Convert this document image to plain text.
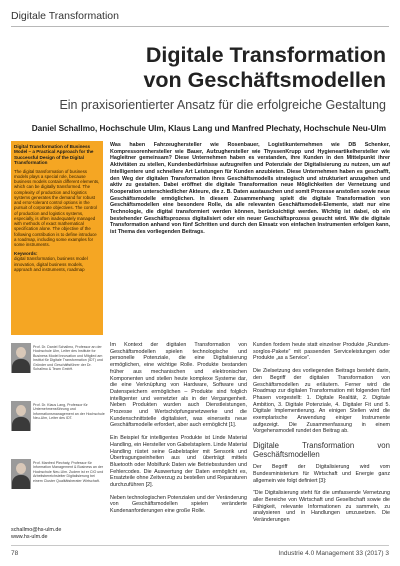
Digitale Transformation
Digitale Transformation
von Geschäftsmodellen
Ein praxisorientierter Ansatz für die erfolgreiche Gestaltung
Daniel Schallmo, Hochschule Ulm, Klaus Lang und Manfred Plechaty, Hochschule Neu-Ulm
Digital Transformation of Business Model – a Practical Approach for the Successful Design of the Digital Transformation
The digital transformation of business models plays a special role, because business models contain different elements, which can be digitally transformed. The complexity of production and logistics systems generates the demand for robust and error-tolerant control options in the pursuit of corporate objectives. The control of production and logistics systems, especially, is often inadequately managed with methods of exact mathematical specification alone. The objective of the following contribution is to define introduce a roadmap, including some examples for some instruments.
Keywords:
digital transformation, business model innovation, digital business models, approach and instruments, roadmap
Was haben Fahrzeughersteller wie Rosenbauer, Logistikunternehmen wie DB Schenker, Kompressorenhersteller wie Bauer, Aufzughersteller wie ThyssenKrupp und Hygieneartikelhersteller wie Hagleitner gemeinsam? Diese Unternehmen haben es verstanden, ihre Kunden in den Mittelpunkt ihrer Aktivitäten zu stellen, Kundenbedürfnisse aufzugreifen und Potenziale der Digitalisierung zu nutzen, um auf Intelligentere und schnellere Art Leistungen für Kunden anzubieten. Diese Unternehmen haben es geschafft, den Weg der digitalen Transformation ihres Geschäftsmodells strategisch und strukturiert anzugehen und aktiv zu gestalten. Dabei eröffnet die digitale Transformation neue Möglichkeiten der Vernetzung und Kooperation unterschiedlicher Akteure, die z. B. Daten austauschen und somit Prozesse anstoßen sowie neue Geschäftsmodelle ermöglichen. In diesem Zusammenhang spielt die digitale Transformation von Geschäftsmodellen eine besondere Rolle, da alle relevanten Geschäftsmodell-Elemente, statt nur eine Technologie, die digital transformiert werden können, berücksichtigt werden. Wichtig ist dabei, ob ein bestehender Geschäftsprozess digitalisiert oder ein neuer Geschäftsprozess gesucht wird. Wie die digitale Transformation anhand von fünf Schritten und durch den Einsatz von einfachen Instrumenten erfolgen kann, ist Thema des vorliegenden Beitrags.
Prof. Dr. Daniel Schallmo, Professor an der Hochschule Ulm, Leiter des Institute for Business Model Innovation und Mitglied am Institut für Digitale Transformation (IDT) und Gründer und Geschäftsführer der Dr. Schallmo & Team GmbH.
Prof. Dr. Klaus Lang, Professor für Unternehmensführung und Informationsmanagement an der Hochschule Neu-Ulm, Leiter des IDT.
Prof. Manfred Plechaty, Professor für Information Management & Business an der Hochschule Neu-Ulm. Zudem ist er CIO und Arbeitsbereichsleiter Digitalisierung bei einem Cluster Qualitätsberater Wirtschaft.
schallmo@hs-ulm.de
www.hs-ulm.de

Im Kontext der digitalen Transformation von Geschäftsmodellen spielen technologische und personelle Potenziale, die eine Digitalisierung ermöglichen, eine wichtige Rolle. Produkte bestanden früher aus mechanischen und elektronischen Komponenten und stellen heute komplexe Systeme dar, die eine Verknüpfung von Hardware, Software und Datenspeichern ermöglichen – Produkte sind folglich intelligenter und vernetzter als in der Vergangenheit. Neben Produkten wurden auch Dienstleistungen, Prozesse und Wertschöpfungsnetzwerke und die Kundenschnittstelle digitalisiert, was einerseits neue Geschäftsmodelle erfordert, aber auch ermöglicht [1].

Ein Beispiel für intelligentes Produkte ist Linde Material Handling, ein Hersteller von Gabelstaplern. Linde Material Handling rüstet seine Gabelstapler mit Sensorik und Übertragungseinheiten aus und überträgt mittels Bluetooth oder Mobilfunk Daten wie Betriebsstunden und Fehlercodes. Die Auswertung der Daten ermöglicht es, Ersatzteile ohne Zeitverzug zu bestellen und Reparaturen durchzuführen [2].

Neben technologischen Potenzialen und der Veränderung von Geschäftsmodellen spielen veränderte Kundenanforderungen eine große Rolle.

Kunden fordern heute statt einzelner Produkte „Rundum-sorglos-Pakete“ mit passenden Serviceleistungen oder Produkte „as a Service“.

Die Zielsetzung des vorliegenden Beitrags besteht darin, den Begriff der digitalen Transformation von Geschäftsmodellen zu erläutern. Ferner wird die Roadmap zur digitalen Transformation mit folgenden fünf Phasen vorgestellt: 1. Digitale Realität, 2. Digitale Ambition, 3. Digitale Potenziale, 4. Digitaler Fit und 5. Digitale Implementierung. An einigen Stellen wird die exemplarische Anwendung einiger Instrumente aufgezeigt. Die Zusammenfassung in einem Vorgehensmodell rundet den Beitrag ab.

Digitale Transformation von Geschäftsmodellen

Der Begriff der Digitalisierung wird vom Bundesministerium für Wirtschaft und Energie ganz allgemein wie folgt definiert [3]:

“Die Digitalisierung steht für die umfassende Vernetzung aller Bereiche von Wirtschaft und Gesellschaft sowie die Fähigkeit, relevante Informationen zu sammeln, zu analysieren und in Handlungen umzusetzen. Die Veränderungen

78	Industrie 4.0 Management 33 (2017) 3
